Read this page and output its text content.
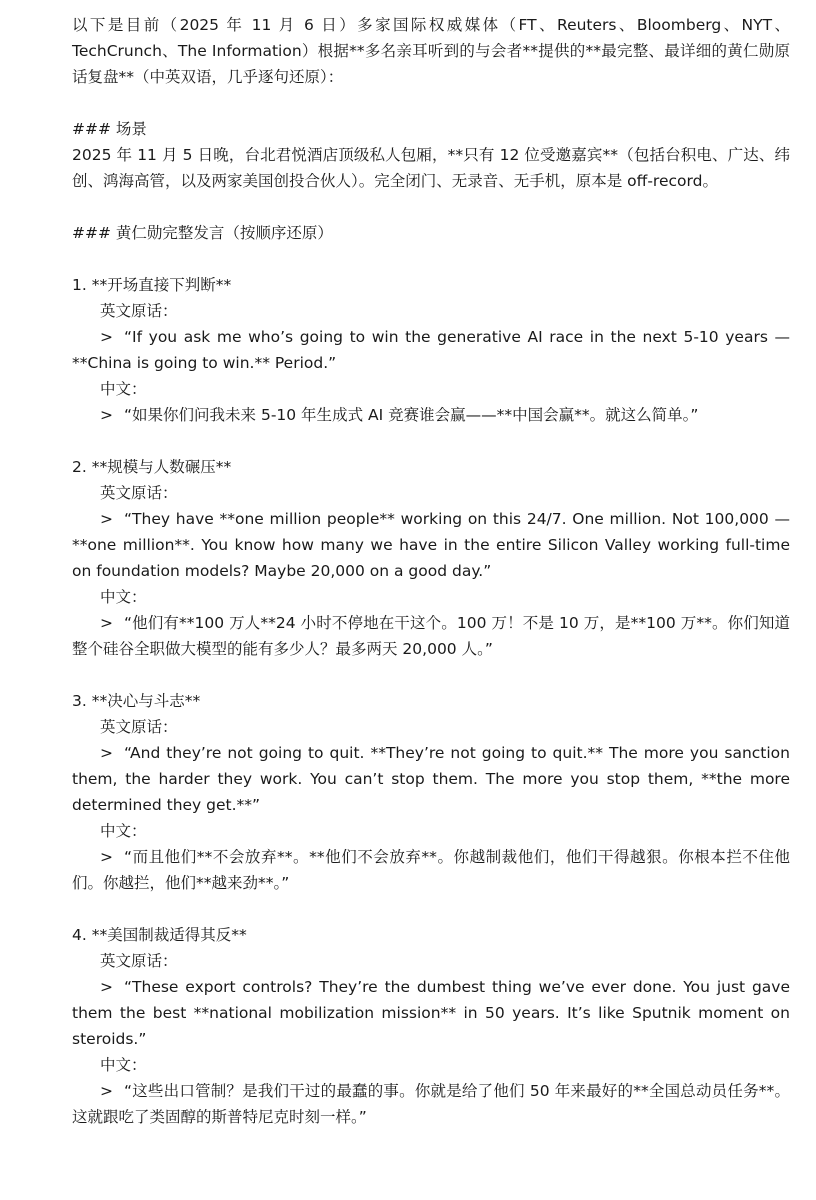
以下是目前（2025 年 11 月 6 日）多家国际权威媒体（FT、Reuters、Bloomberg、NYT、TechCrunch、The Information）根据**多名亲耳听到的与会者**提供的**最完整、最详细的黄仁勋原话复盘**（中英双语，几乎逐句还原）：

### 场景

2025 年 11 月 5 日晚，台北君悦酒店顶级私人包厢，**只有 12 位受邀嘉宾**（包括台积电、广达、纬创、鸿海高管，以及两家美国创投合伙人）。完全闭门、无录音、无手机，原本是 off-record。

### 黄仁勋完整发言（按顺序还原）

1. **开场直接下判断**

英文原话：

> “If you ask me who’s going to win the generative AI race in the next 5-10 years — **China is going to win.** Period.”

中文：

> “如果你们问我未来 5-10 年生成式 AI 竞赛谁会赢——**中国会赢**。就这么简单。”

2. **规模与人数碾压**

英文原话：

> “They have **one million people** working on this 24/7. One million. Not 100,000 — **one million**. You know how many we have in the entire Silicon Valley working full-time on foundation models? Maybe 20,000 on a good day.”

中文：

> “他们有**100 万人**24 小时不停地在干这个。100 万！不是 10 万，是**100 万**。你们知道整个硅谷全职做大模型的能有多少人？最多两天 20,000 人。”

3. **决心与斗志**

英文原话：

> “And they’re not going to quit. **They’re not going to quit.** The more you sanction them, the harder they work. You can’t stop them. The more you stop them, **the more determined they get.**”

中文：

> “而且他们**不会放弃**。**他们不会放弃**。你越制裁他们，他们干得越狠。你根本拦不住他们。你越拦，他们**越来劲**。”

4. **美国制裁适得其反**

英文原话：

> “These export controls? They’re the dumbest thing we’ve ever done. You just gave them the best **national mobilization mission** in 50 years. It’s like Sputnik moment on steroids.”

中文：

> “这些出口管制？是我们干过的最蠢的事。你就是给了他们 50 年来最好的**全国总动员任务**。这就跟吃了类固醇的斯普特尼克时刻一样。”
